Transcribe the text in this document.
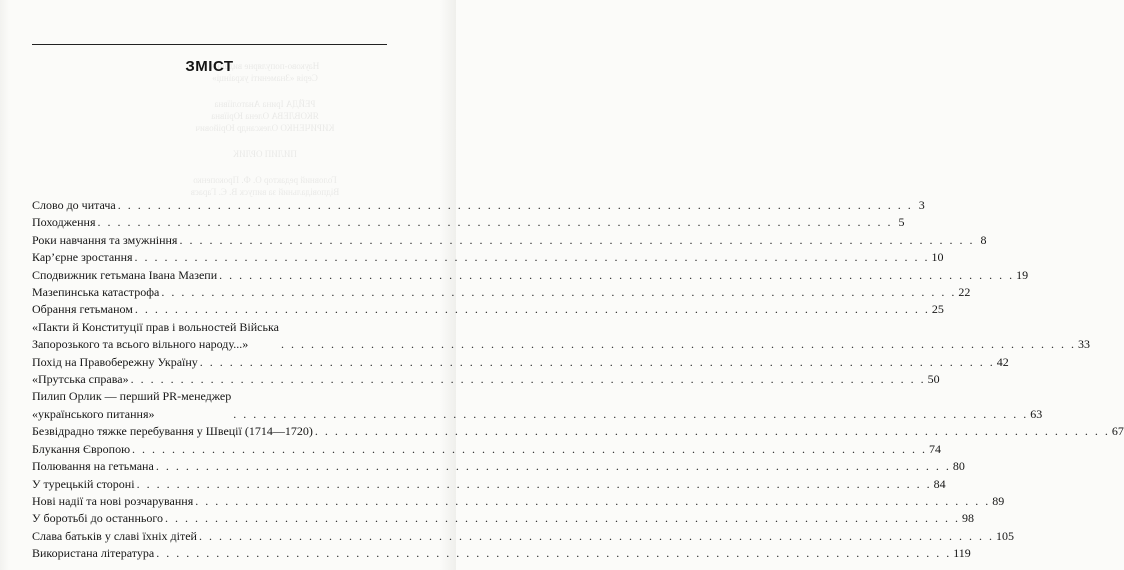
Науково-популярне видання
Серія «Знамениті українці»
РЕЙДА Ірина Анатоліївна
ЯКОВЛЕВА Олена Юріївна
КИРИЧЕНКО Олександр Юрійович
ПИЛИП ОРЛИК
Головний редактор О. Ф. Прокопенко
Відповідальний за випуск В. Є. Гараєв
ЗМІСТ
Слово до читача . . . . . . . . . . . . . . . . . . . . . . . . . . . . . . . . . . . . . . . . . . . . . . . . . . . . . . . . . . . . . . . . . . . . . . . . . . . . . . . . 3
Походження . . . . . . . . . . . . . . . . . . . . . . . . . . . . . . . . . . . . . . . . . . . . . . . . . . . . . . . . . . . . . . . . . . . . . . . . . . . . . . . . 5
Роки навчання та змужніння . . . . . . . . . . . . . . . . . . . . . . . . . . . . . . . . . . . . . . . . . . . . . . . . . . . . . . . . . . . . . . . . . . . . . . . . . . . . . . . . 8
Кар’єрне зростання . . . . . . . . . . . . . . . . . . . . . . . . . . . . . . . . . . . . . . . . . . . . . . . . . . . . . . . . . . . . . . . . . . . . . . . . . . . . . . . . 10
Сподвижник гетьмана Івана Мазепи . . . . . . . . . . . . . . . . . . . . . . . . . . . . . . . . . . . . . . . . . . . . . . . . . . . . . . . . . . . . . . . . . . . . . . . . . . . . . . . . 19
Мазепинська катастрофа . . . . . . . . . . . . . . . . . . . . . . . . . . . . . . . . . . . . . . . . . . . . . . . . . . . . . . . . . . . . . . . . . . . . . . . . . . . . . . . . 22
Обрання гетьманом . . . . . . . . . . . . . . . . . . . . . . . . . . . . . . . . . . . . . . . . . . . . . . . . . . . . . . . . . . . . . . . . . . . . . . . . . . . . . . . . 25
«Пакти й Конституції прав і вольностей Війська
Запорозького та всього вільного народу...»	. . . . . . . . . . . . . . . . . . . . . . . . . . . . . . . . . . . . . . . . . . . . . . . . . . . . . . . . . . . . . . . . . . . . . . . . . . . . . . . . 33
Похід на Правобережну Україну . . . . . . . . . . . . . . . . . . . . . . . . . . . . . . . . . . . . . . . . . . . . . . . . . . . . . . . . . . . . . . . . . . . . . . . . . . . . . . . . 42
«Прутська справа» . . . . . . . . . . . . . . . . . . . . . . . . . . . . . . . . . . . . . . . . . . . . . . . . . . . . . . . . . . . . . . . . . . . . . . . . . . . . . . . . 50
Пилип Орлик — перший PR-менеджер
«українського питання»	. . . . . . . . . . . . . . . . . . . . . . . . . . . . . . . . . . . . . . . . . . . . . . . . . . . . . . . . . . . . . . . . . . . . . . . . . . . . . . . . 63
Безвідрадно тяжке перебування у Швеції (1714—1720) . . . . . . . . . . . . . . . . . . . . . . . . . . . . . . . . . . . . . . . . . . . . . . . . . . . . . . . . . . . . . . . . . . . . . . . . . . . . . . . . 67
Блукання Європою . . . . . . . . . . . . . . . . . . . . . . . . . . . . . . . . . . . . . . . . . . . . . . . . . . . . . . . . . . . . . . . . . . . . . . . . . . . . . . . . 74
Полювання на гетьмана . . . . . . . . . . . . . . . . . . . . . . . . . . . . . . . . . . . . . . . . . . . . . . . . . . . . . . . . . . . . . . . . . . . . . . . . . . . . . . . . 80
У турецькій стороні . . . . . . . . . . . . . . . . . . . . . . . . . . . . . . . . . . . . . . . . . . . . . . . . . . . . . . . . . . . . . . . . . . . . . . . . . . . . . . . . 84
Нові надії та нові розчарування . . . . . . . . . . . . . . . . . . . . . . . . . . . . . . . . . . . . . . . . . . . . . . . . . . . . . . . . . . . . . . . . . . . . . . . . . . . . . . . . 89
У боротьбі до останнього . . . . . . . . . . . . . . . . . . . . . . . . . . . . . . . . . . . . . . . . . . . . . . . . . . . . . . . . . . . . . . . . . . . . . . . . . . . . . . . . 98
Слава батьків у славі їхніх дітей . . . . . . . . . . . . . . . . . . . . . . . . . . . . . . . . . . . . . . . . . . . . . . . . . . . . . . . . . . . . . . . . . . . . . . . . . . . . . . . . 105
Використана література . . . . . . . . . . . . . . . . . . . . . . . . . . . . . . . . . . . . . . . . . . . . . . . . . . . . . . . . . . . . . . . . . . . . . . . . . . . . . . . . 119
